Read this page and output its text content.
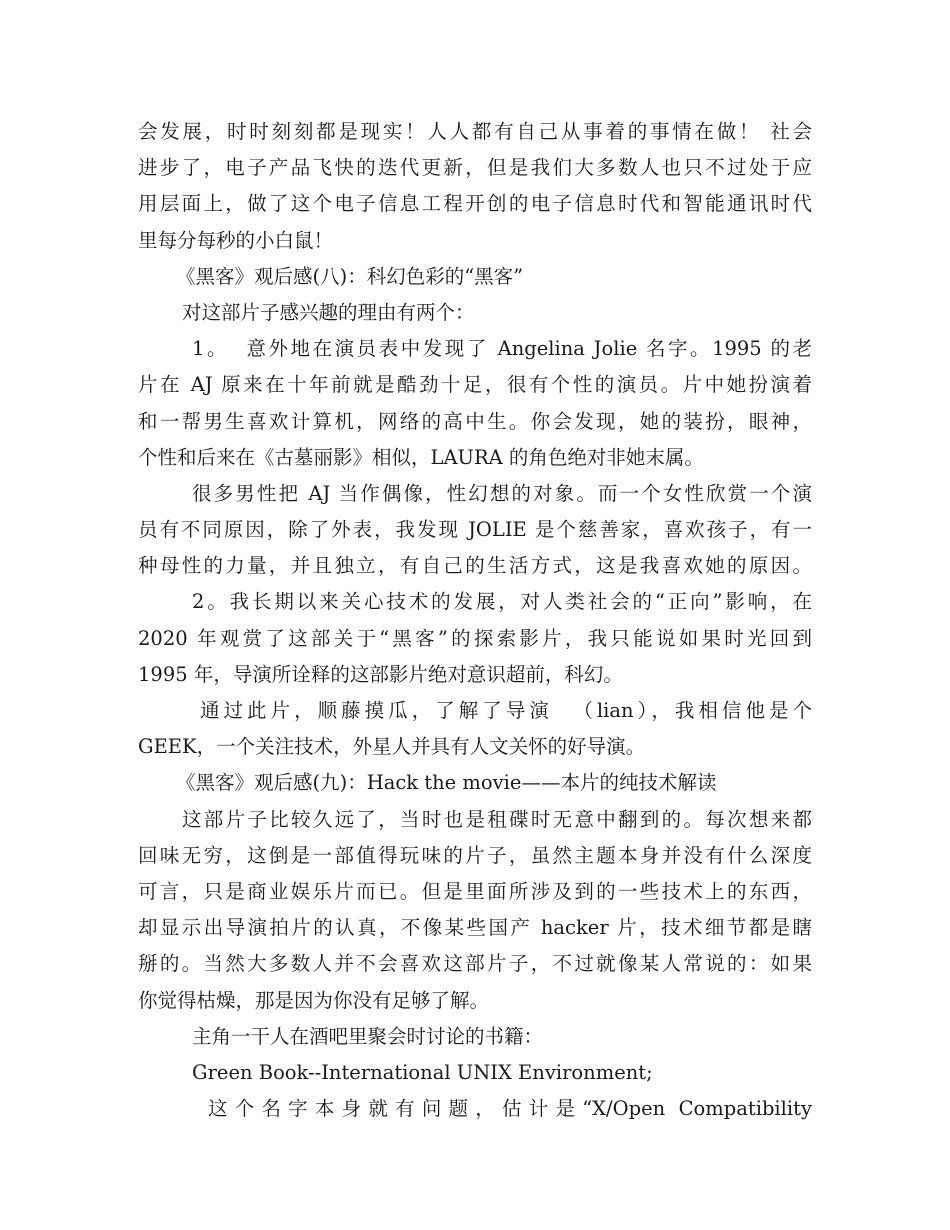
会发展，时时刻刻都是现实！人人都有自己从事着的事情在做！ 社会
进步了，电子产品飞快的迭代更新，但是我们大多数人也只不过处于应
用层面上，做了这个电子信息工程开创的电子信息时代和智能通讯时代
里每分每秒的小白鼠！
《黑客》观后感(八)：科幻色彩的“黑客”
对这部片子感兴趣的理由有两个：
1。  意外地在演员表中发现了 Angelina Jolie 名字。1995 的老
片在 AJ 原来在十年前就是酷劲十足，很有个性的演员。片中她扮演着
和一帮男生喜欢计算机，网络的高中生。你会发现，她的装扮，眼神，
个性和后来在《古墓丽影》相似，LAURA 的角色绝对非她末属。
很多男性把 AJ 当作偶像，性幻想的对象。而一个女性欣赏一个演
员有不同原因，除了外表，我发现 JOLIE 是个慈善家，喜欢孩子，有一
种母性的力量，并且独立，有自己的生活方式，这是我喜欢她的原因。
2。我长期以来关心技术的发展，对人类社会的“正向”影响，在
2020 年观赏了这部关于“黑客”的探索影片，我只能说如果时光回到
1995 年，导演所诠释的这部影片绝对意识超前，科幻。
通过此片，顺藤摸瓜，了解了导演  （lian），我相信他是个
GEEK，一个关注技术，外星人并具有人文关怀的好导演。
《黑客》观后感(九)：Hack the movie——本片的纯技术解读
这部片子比较久远了，当时也是租碟时无意中翻到的。每次想来都
回味无穷，这倒是一部值得玩味的片子，虽然主题本身并没有什么深度
可言，只是商业娱乐片而已。但是里面所涉及到的一些技术上的东西，
却显示出导演拍片的认真，不像某些国产 hacker 片，技术细节都是瞎
掰的。当然大多数人并不会喜欢这部片子，不过就像某人常说的：如果
你觉得枯燥，那是因为你没有足够了解。
主角一干人在酒吧里聚会时讨论的书籍：
Green Book--International UNIX Environment;
这个名字本身就有问题，估计是“X/Open Compatibility
